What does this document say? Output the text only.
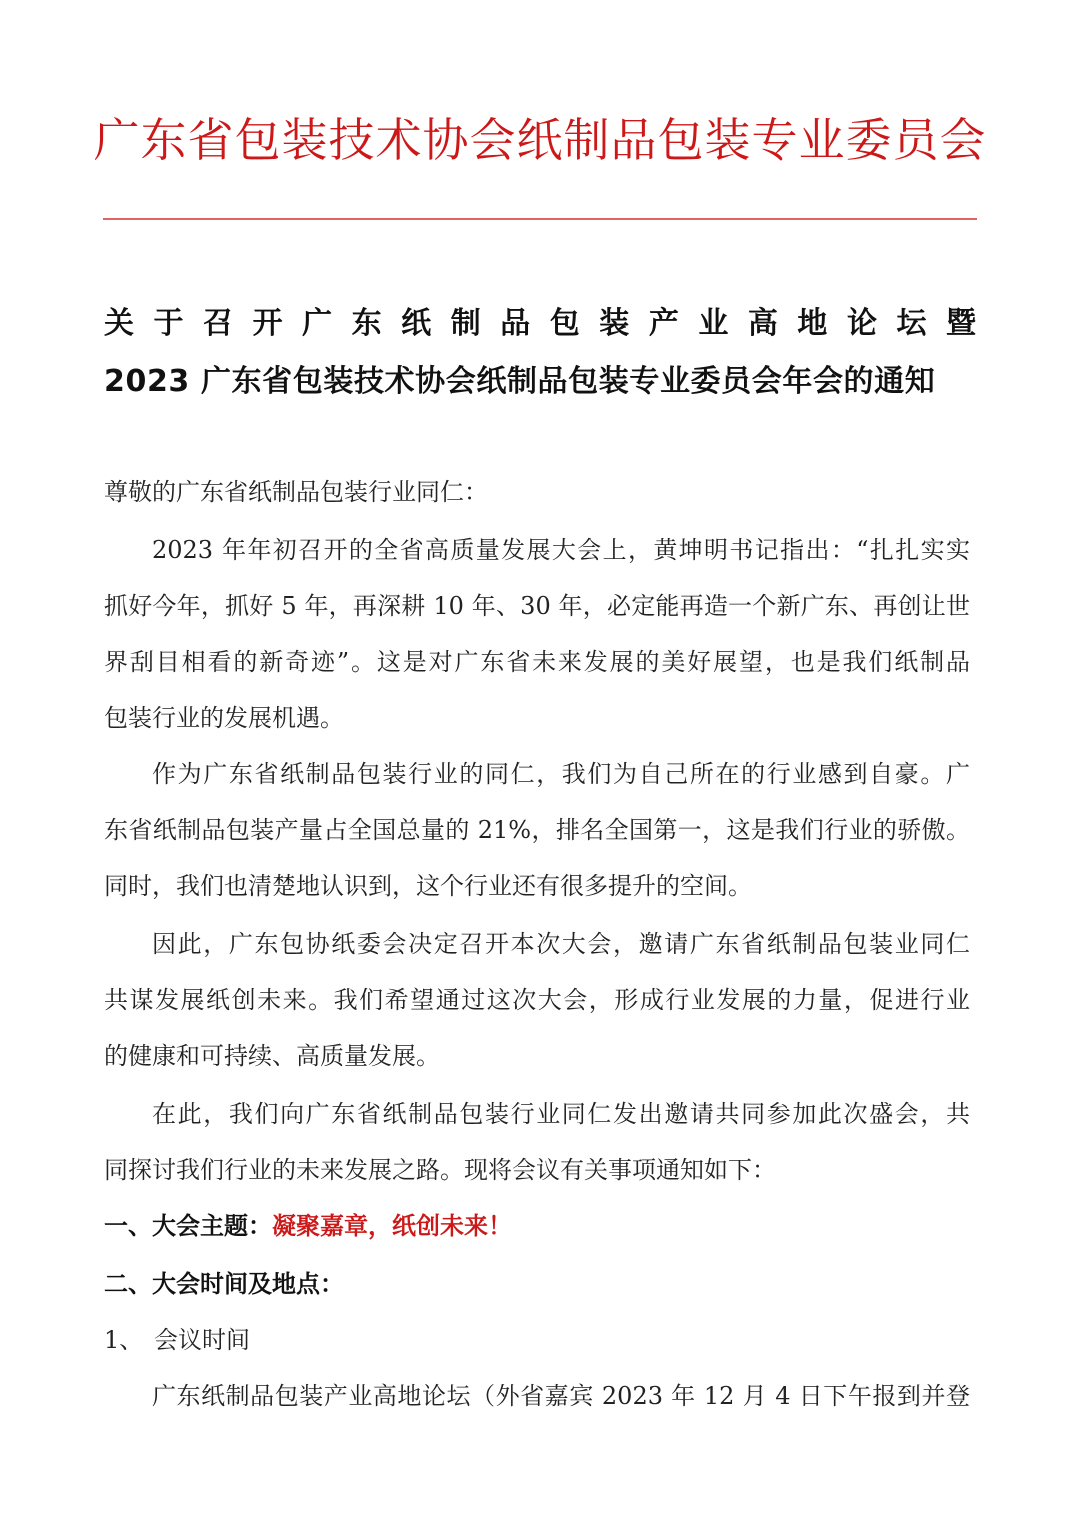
广东省包装技术协会纸制品包装专业委员会
关于召开广东纸制品包装产业高地论坛暨
2023 广东省包装技术协会纸制品包装专业委员会年会的通知
尊敬的广东省纸制品包装行业同仁：
2023 年年初召开的全省高质量发展大会上，黄坤明书记指出：“扎扎实实
抓好今年，抓好 5 年，再深耕 10 年、30 年，必定能再造一个新广东、再创让世
界刮目相看的新奇迹”。这是对广东省未来发展的美好展望，也是我们纸制品
包装行业的发展机遇。
作为广东省纸制品包装行业的同仁，我们为自己所在的行业感到自豪。广
东省纸制品包装产量占全国总量的 21%，排名全国第一，这是我们行业的骄傲。
同时，我们也清楚地认识到，这个行业还有很多提升的空间。
因此，广东包协纸委会决定召开本次大会，邀请广东省纸制品包装业同仁
共谋发展纸创未来。我们希望通过这次大会，形成行业发展的力量，促进行业
的健康和可持续、高质量发展。
在此，我们向广东省纸制品包装行业同仁发出邀请共同参加此次盛会，共
同探讨我们行业的未来发展之路。现将会议有关事项通知如下：
一、大会主题：凝聚嘉章，纸创未来！
二、大会时间及地点：
1、 会议时间
广东纸制品包装产业高地论坛（外省嘉宾 2023 年 12 月 4 日下午报到并登
